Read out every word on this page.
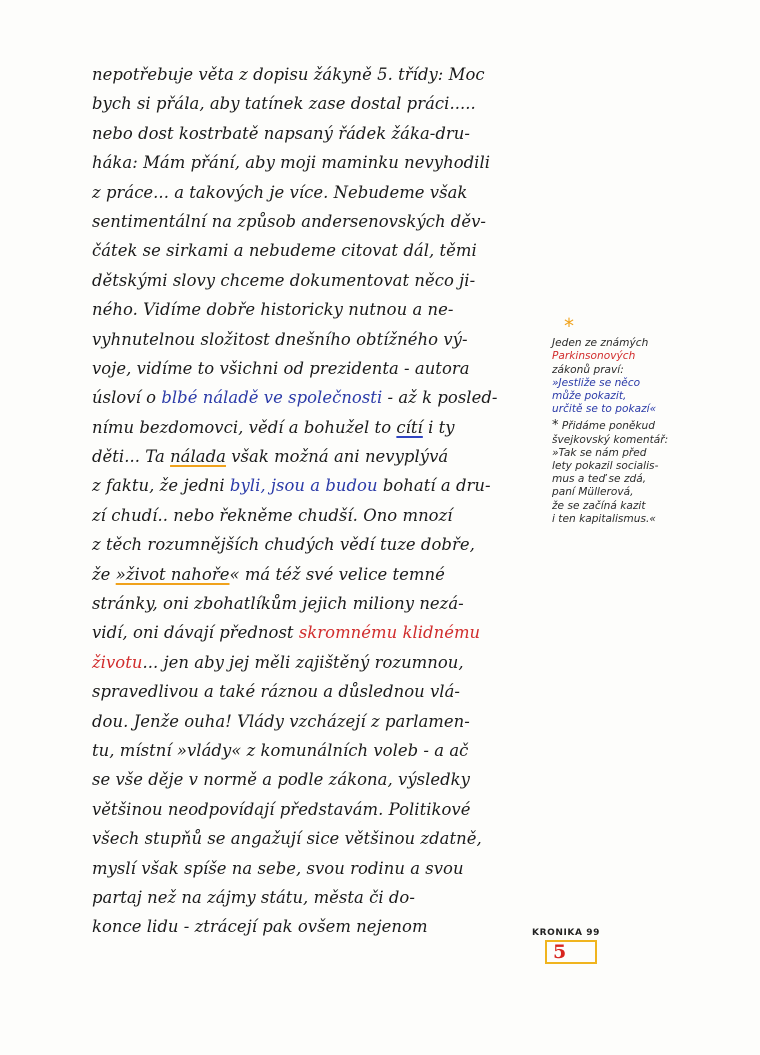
nepotřebuje věta z dopisu žákyně 5. třídy: Moc
bych si přála, aby tatínek zase dostal práci.....
nebo dost kostrbatě napsaný řádek žáka-dru-
háka: Mám přání, aby moji maminku nevyhodili
z práce... a takových je více. Nebudeme však
sentimentální na způsob andersenovských děv-
čátek se sirkami a nebudeme citovat dál, těmi
dětskými slovy chceme dokumentovat něco ji-
ného. Vidíme dobře historicky nutnou a ne-
vyhnutelnou složitost dnešního obtížného vý-
voje, vidíme to všichni od prezidenta - autora
úsloví o blbé náladě ve společnosti - až k posled-
nímu bezdomovci, vědí a bohužel to cítí i ty
děti... Ta nálada však možná ani nevyplývá
z faktu, že jedni byli, jsou a budou bohatí a dru-
zí chudí.. nebo řekněme chudší. Ono mnozí
z těch rozumnějších chudých vědí tuze dobře,
že »život nahoře« má též své velice temné
stránky, oni zbohatlíkům jejich miliony nezá-
vidí, oni dávají přednost skromnému klidnému
životu... jen aby jej měli zajištěný rozumnou,
spravedlivou a také ráznou a důslednou vlá-
dou. Jenže ouha! Vlády vzcházejí z parlamen-
tu, místní »vlády« z komunálních voleb - a ač
se vše děje v normě a podle zákona, výsledky
většinou neodpovídají představám. Politikové
všech stupňů se angažují sice většinou zdatně,
myslí však spíše na sebe, svou rodinu a svou
partaj než na zájmy státu, města či do-
konce lidu - ztrácejí pak ovšem nejenom
*
Jeden ze známých
Parkinsonových
zákonů praví:
»Jestliže se něco
může pokazit,
určitě se to pokazí«
* Přidáme poněkud
švejkovský komentář:
»Tak se nám před
lety pokazil socialis-
mus a teď se zdá,
paní Müllerová,
že se začíná kazit
i ten kapitalismus.«
KRONIKA 99
5
